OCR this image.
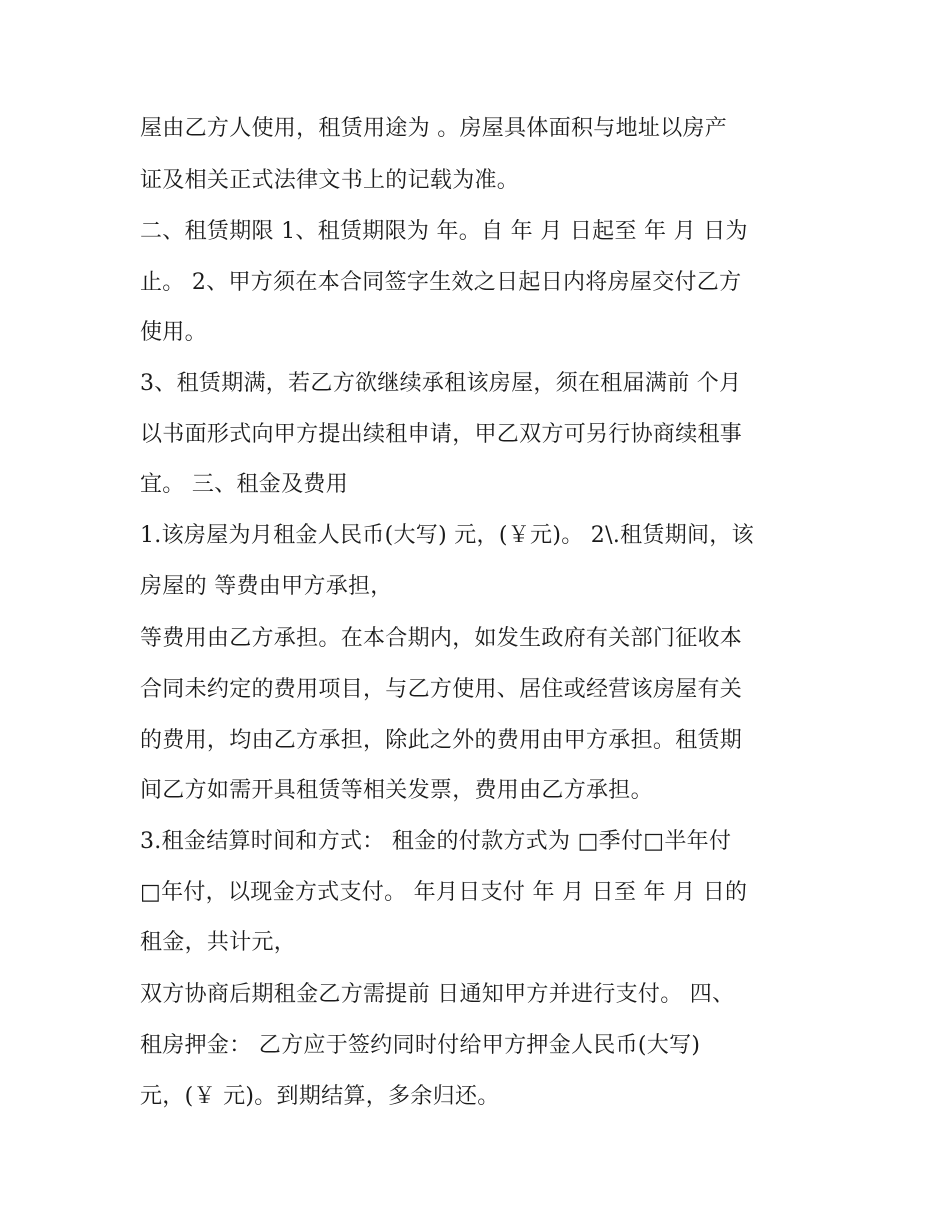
屋由乙方人使用，租赁用途为 。房屋具体面积与地址以房产
证及相关正式法律文书上的记载为准。
二、租赁期限 1、租赁期限为 年。自 年 月 日起至 年 月 日为
止。 2、甲方须在本合同签字生效之日起日内将房屋交付乙方
使用。
3、租赁期满，若乙方欲继续承租该房屋，须在租届满前 个月
以书面形式向甲方提出续租申请，甲乙双方可另行协商续租事
宜。 三、租金及费用
1.该房屋为月租金人民币(大写) 元，(￥元)。 2\.租赁期间，该
房屋的 等费由甲方承担，
等费用由乙方承担。在本合期内，如发生政府有关部门征收本
合同未约定的费用项目，与乙方使用、居住或经营该房屋有关
的费用，均由乙方承担，除此之外的费用由甲方承担。租赁期
间乙方如需开具租赁等相关发票，费用由乙方承担。
3.租金结算时间和方式： 租金的付款方式为 □季付□半年付
□年付，以现金方式支付。 年月日支付 年 月 日至 年 月 日的
租金，共计元，
双方协商后期租金乙方需提前 日通知甲方并进行支付。 四、
租房押金： 乙方应于签约同时付给甲方押金人民币(大写)
元，(￥ 元)。到期结算，多余归还。
